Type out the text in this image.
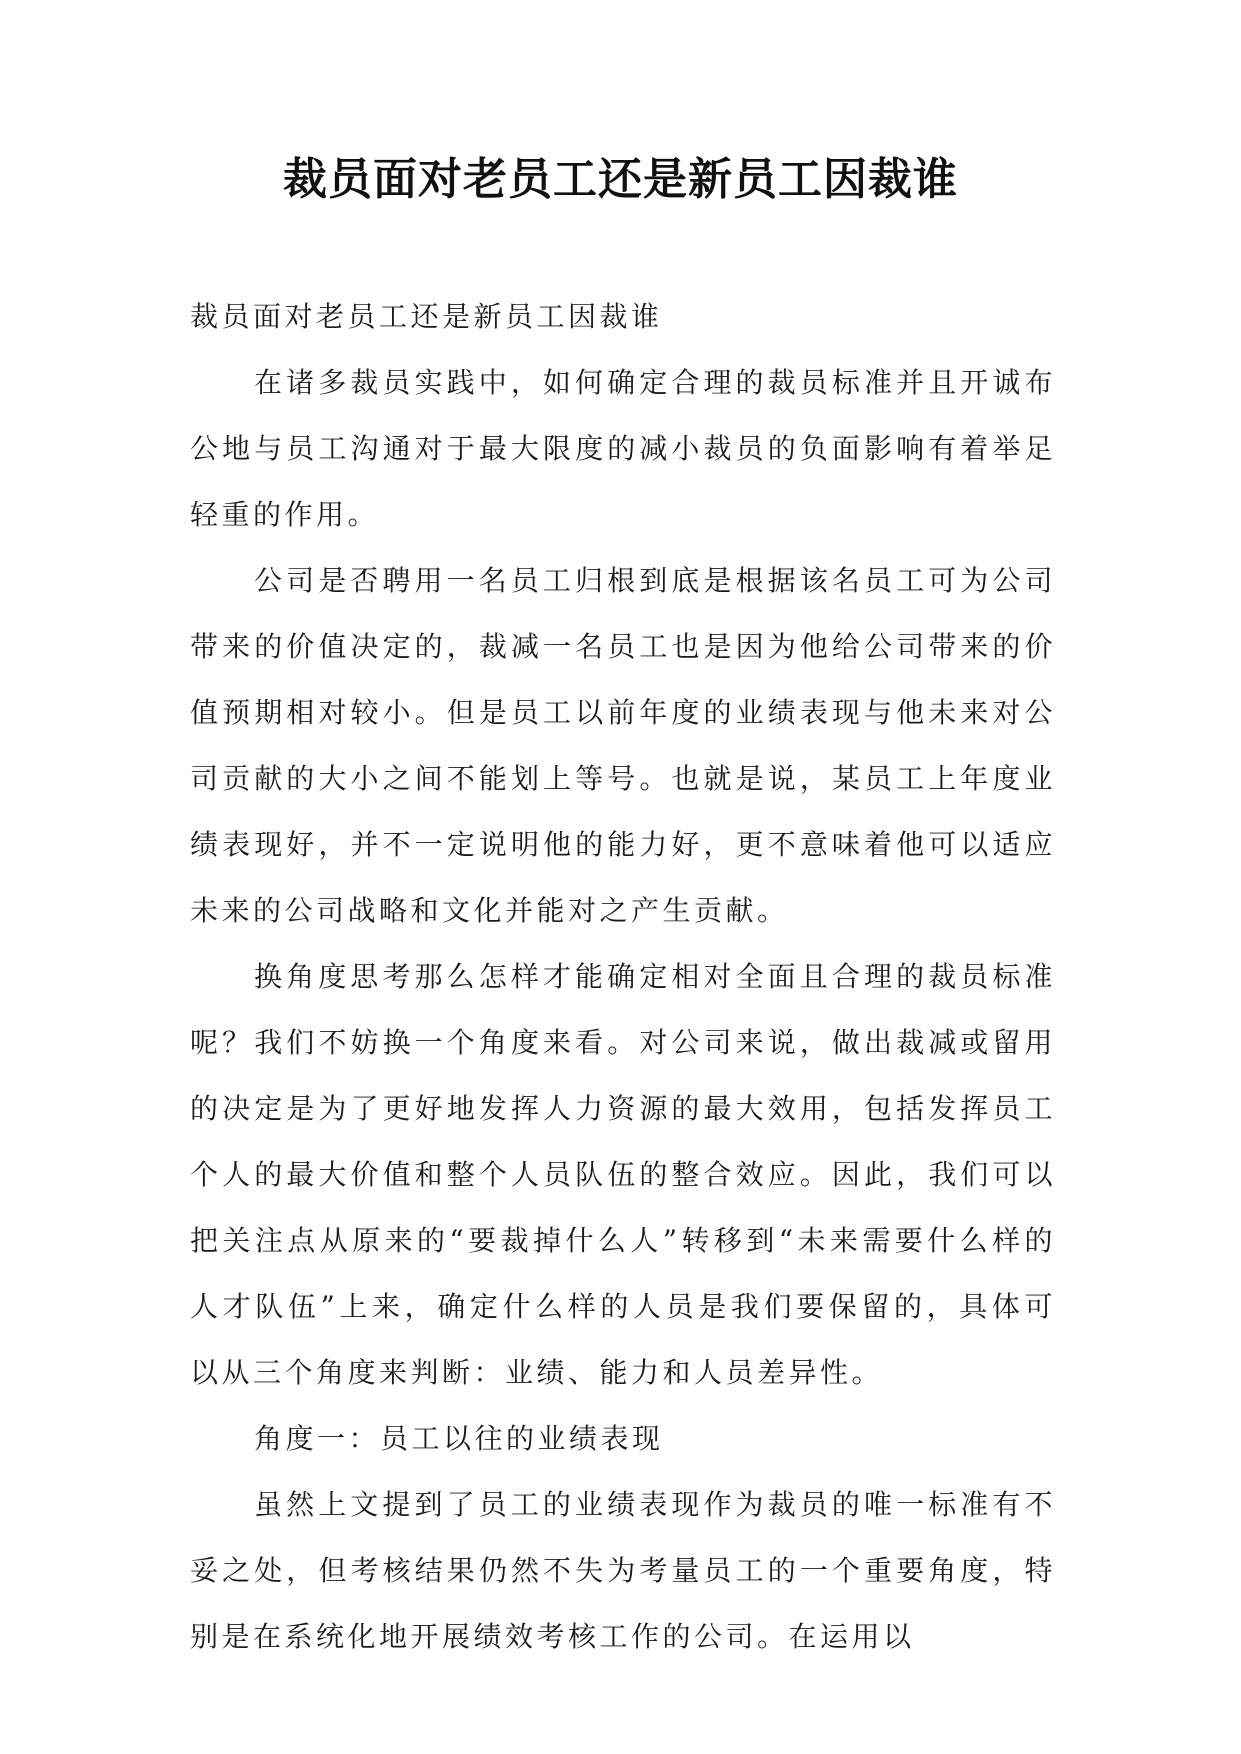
裁员面对老员工还是新员工因裁谁

裁员面对老员工还是新员工因裁谁

在诸多裁员实践中，如何确定合理的裁员标准并且开诚布公地与员工沟通对于最大限度的减小裁员的负面影响有着举足轻重的作用。

公司是否聘用一名员工归根到底是根据该名员工可为公司带来的价值决定的，裁减一名员工也是因为他给公司带来的价值预期相对较小。但是员工以前年度的业绩表现与他未来对公司贡献的大小之间不能划上等号。也就是说，某员工上年度业绩表现好，并不一定说明他的能力好，更不意味着他可以适应未来的公司战略和文化并能对之产生贡献。

换角度思考那么怎样才能确定相对全面且合理的裁员标准呢？我们不妨换一个角度来看。对公司来说，做出裁减或留用的决定是为了更好地发挥人力资源的最大效用，包括发挥员工个人的最大价值和整个人员队伍的整合效应。因此，我们可以把关注点从原来的“要裁掉什么人”转移到“未来需要什么样的人才队伍”上来，确定什么样的人员是我们要保留的，具体可以从三个角度来判断：业绩、能力和人员差异性。

角度一：员工以往的业绩表现

虽然上文提到了员工的业绩表现作为裁员的唯一标准有不妥之处，但考核结果仍然不失为考量员工的一个重要角度，特别是在系统化地开展绩效考核工作的公司。在运用以
